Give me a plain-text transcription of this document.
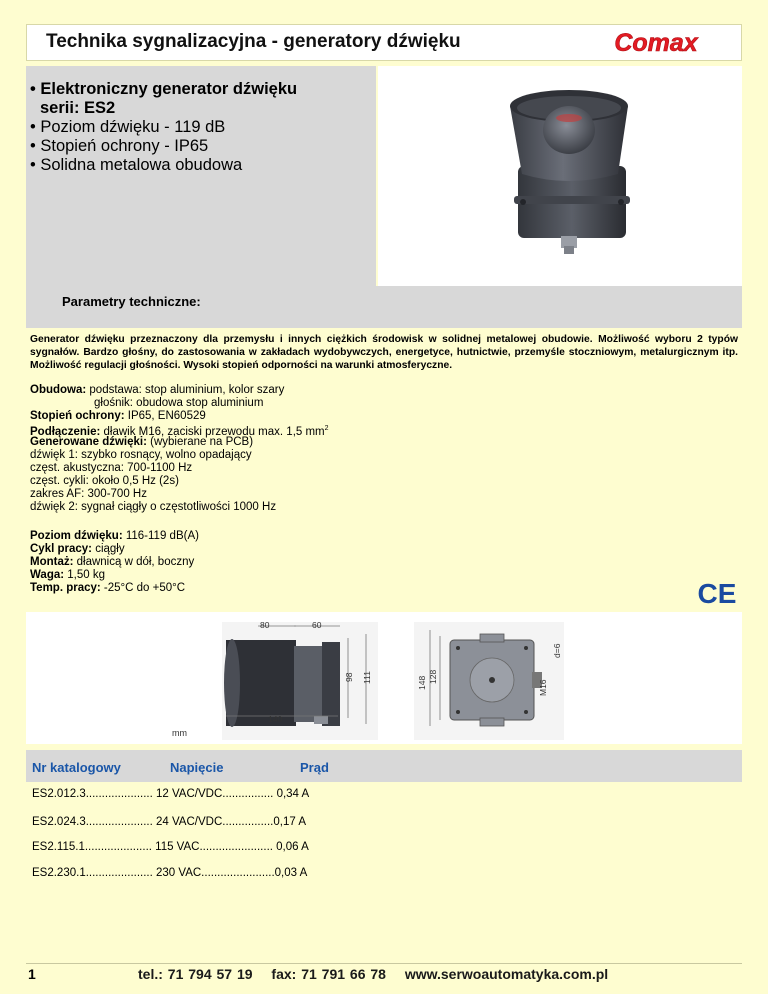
Technika sygnalizacyjna - generatory dźwięku	Comax
• Elektroniczny generator dźwięku
serii: ES2
• Poziom dźwięku - 119 dB
• Stopień ochrony - IP65
• Solidna metalowa obudowa
Parametry techniczne:
Generator dźwięku przeznaczony dla przemysłu i innych ciężkich środowisk w solidnej metalowej obudowie. Możliwość wyboru 2 typów sygnałów. Bardzo głośny, do zastosowania w zakładach wydobywczych, energetyce, hutnictwie, przemyśle stoczniowym, metalurgicznym itp. Możliwość regulacji głośności. Wysoki stopień odporności na warunki atmosferyczne.
Obudowa: podstawa: stop aluminium, kolor szary
głośnik: obudowa stop aluminium
Stopień ochrony: IP65, EN60529
Podłączenie: dławik M16, zaciski przewodu max. 1,5 $mm^2$
Generowane dźwięki: (wybierane na PCB)
dźwięk 1: szybko rosnący, wolno opadający
częst. akustyczna: 700-1100 Hz
częst. cykli: około 0,5 Hz (2s)
zakres AF: 300-700 Hz
dźwięk 2: sygnał ciągły o częstotliwości 1000 Hz
Poziom dźwięku: 116-119 dB(A)
Cykl pracy: ciągły
Montaż: dławnicą w dół, boczny
Waga: 1,50 kg
Temp. pracy: -25°C do +50°C	CE
80	60
98 111
140
148 128
d=6
M16
mm
Nr katalogowy	Napięcie	Prąd
ES2.012.3..................... 12 VAC/VDC................ 0,34 A
ES2.024.3..................... 24 VAC/VDC................0,17 A
ES2.115.1..................... 115 VAC....................... 0,06 A
ES2.230.1..................... 230 VAC.......................0,03 A
1	tel.: 71 794 57 19 fax: 71 791 66 78 www.serwoautomatyka.com.pl
